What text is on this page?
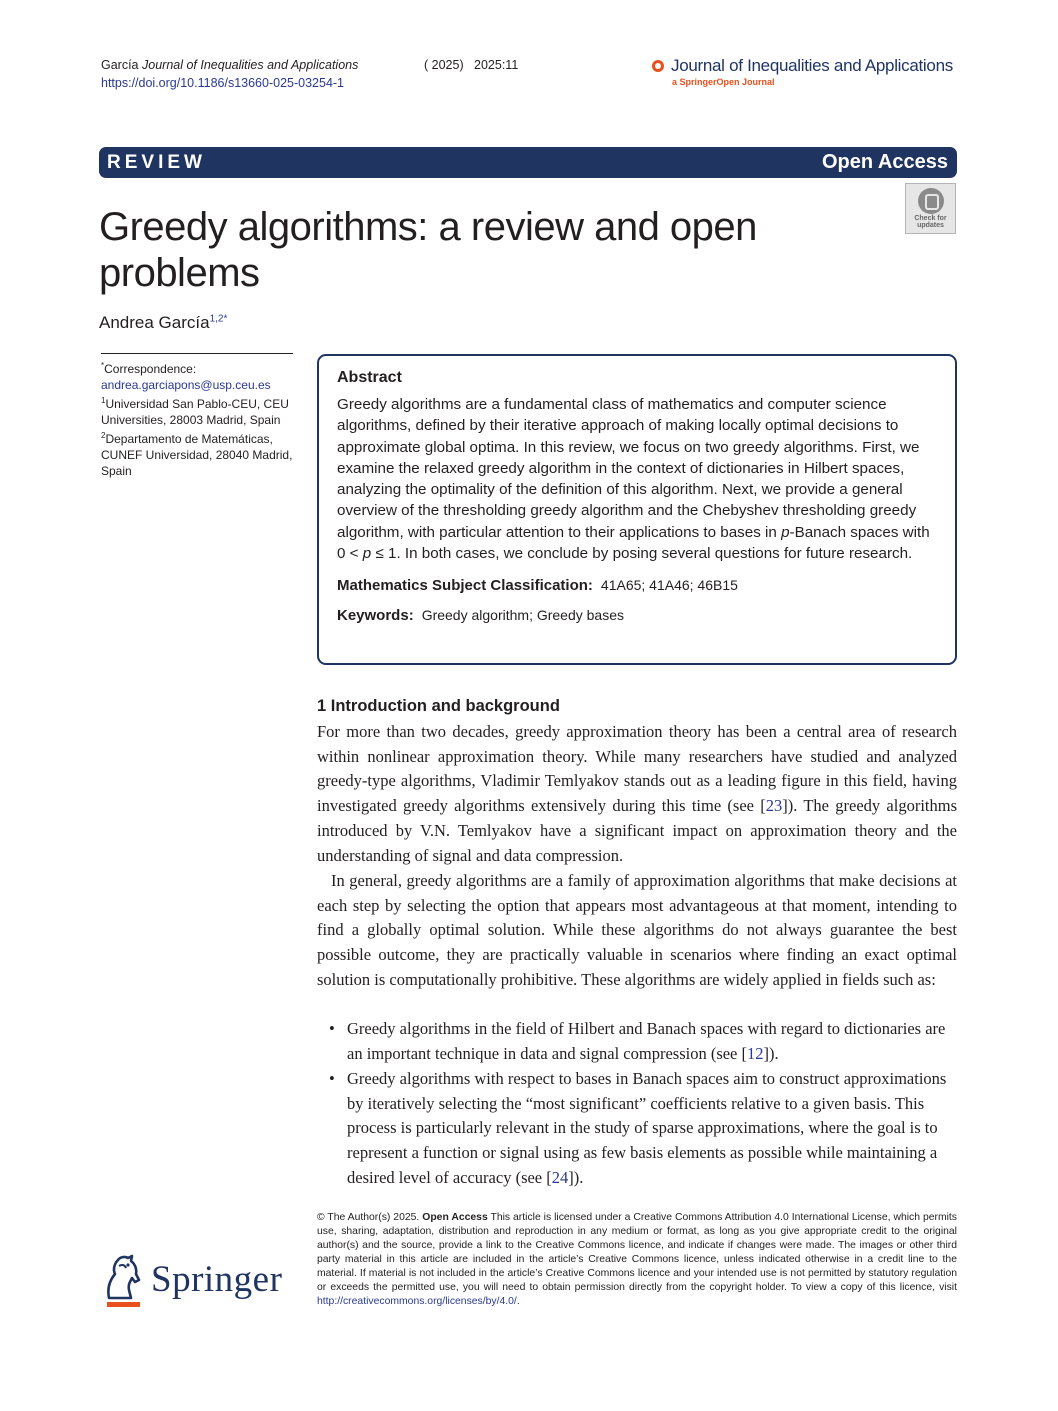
García Journal of Inequalities and Applications
https://doi.org/10.1186/s13660-025-03254-1
( 2025) 2025:11	Journal of Inequalities and Applications
a SpringerOpen Journal
REVIEW	Open Access
Check for
updates
Greedy algorithms: a review and open problems
Andrea García$^{1,2*}$
*Correspondence:
andrea.garciapons@usp.ceu.es
$^1$Universidad San Pablo-CEU, CEU Universities, 28003 Madrid, Spain
$^2$Departamento de Matemáticas, CUNEF Universidad, 28040 Madrid, Spain
Abstract
Greedy algorithms are a fundamental class of mathematics and computer science algorithms, defined by their iterative approach of making locally optimal decisions to approximate global optima. In this review, we focus on two greedy algorithms. First, we examine the relaxed greedy algorithm in the context of dictionaries in Hilbert spaces, analyzing the optimality of the definition of this algorithm. Next, we provide a general overview of the thresholding greedy algorithm and the Chebyshev thresholding greedy algorithm, with particular attention to their applications to bases in p-Banach spaces with 0 < p ≤ 1. In both cases, we conclude by posing several questions for future research.
Mathematics Subject Classification: 41A65; 41A46; 46B15
Keywords: Greedy algorithm; Greedy bases
1 Introduction and background
For more than two decades, greedy approximation theory has been a central area of research within nonlinear approximation theory. While many researchers have studied and analyzed greedy-type algorithms, Vladimir Temlyakov stands out as a leading figure in this field, having investigated greedy algorithms extensively during this time (see [23]). The greedy algorithms introduced by V.N. Temlyakov have a significant impact on approximation theory and the understanding of signal and data compression.
In general, greedy algorithms are a family of approximation algorithms that make decisions at each step by selecting the option that appears most advantageous at that moment, intending to find a globally optimal solution. While these algorithms do not always guarantee the best possible outcome, they are practically valuable in scenarios where finding an exact optimal solution is computationally prohibitive. These algorithms are widely applied in fields such as:
• Greedy algorithms in the field of Hilbert and Banach spaces with regard to dictionaries are an important technique in data and signal compression (see [12]).
• Greedy algorithms with respect to bases in Banach spaces aim to construct approximations by iteratively selecting the “most significant” coefficients relative to a given basis. This process is particularly relevant in the study of sparse approximations, where the goal is to represent a function or signal using as few basis elements as possible while maintaining a desired level of accuracy (see [24]).
© The Author(s) 2025. Open Access This article is licensed under a Creative Commons Attribution 4.0 International License, which permits use, sharing, adaptation, distribution and reproduction in any medium or format, as long as you give appropriate credit to the original author(s) and the source, provide a link to the Creative Commons licence, and indicate if changes were made. The images or other third party material in this article are included in the article’s Creative Commons licence, unless indicated otherwise in a credit line to the material. If material is not included in the article’s Creative Commons licence and your intended use is not permitted by statutory regulation or exceeds the permitted use, you will need to obtain permission directly from the copyright holder. To view a copy of this licence, visit http://creativecommons.org/licenses/by/4.0/.
Springer
